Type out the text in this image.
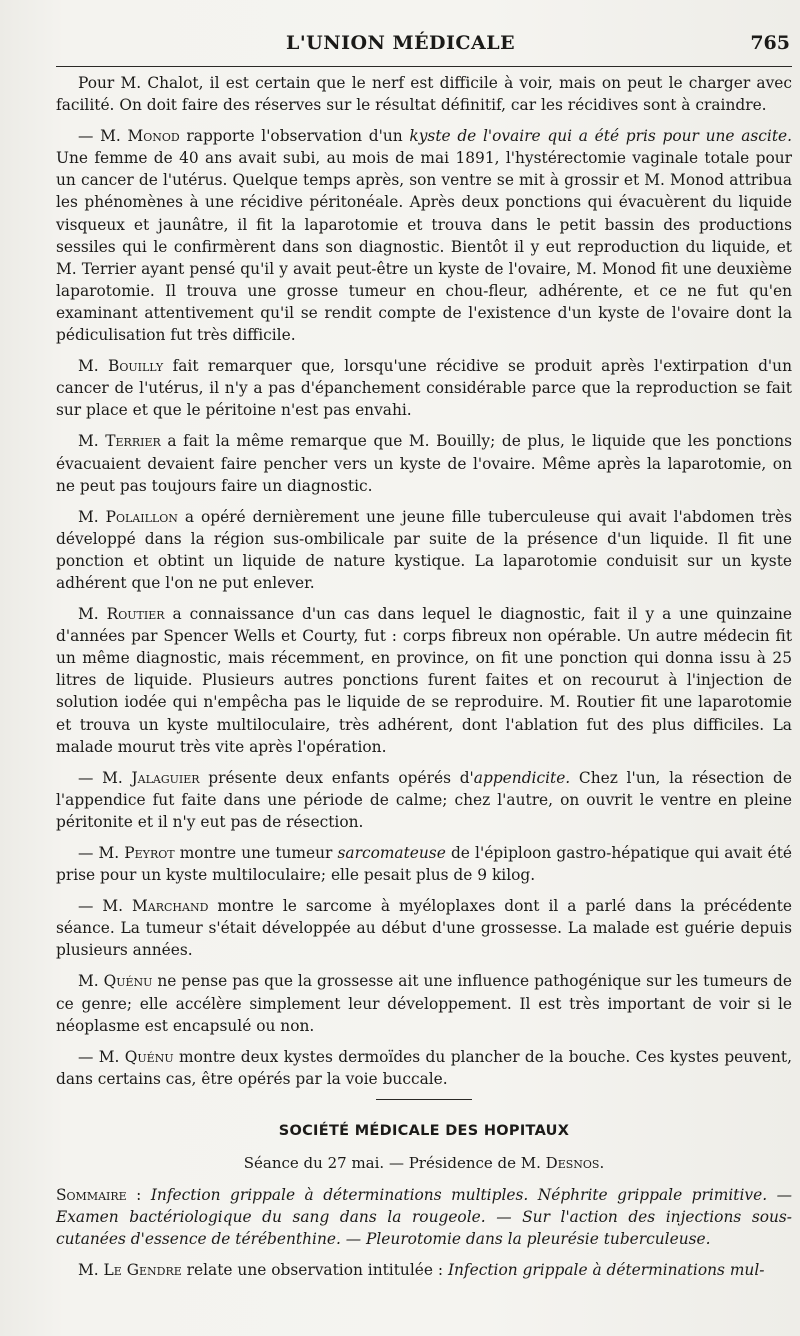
L'UNION MÉDICALE	765

Pour M. Chalot, il est certain que le nerf est difficile à voir, mais on peut le charger avec facilité. On doit faire des réserves sur le résultat définitif, car les récidives sont à craindre.

— M. Monod rapporte l'observation d'un kyste de l'ovaire qui a été pris pour une ascite. Une femme de 40 ans avait subi, au mois de mai 1891, l'hystérectomie vaginale totale pour un cancer de l'utérus. Quelque temps après, son ventre se mit à grossir et M. Monod attribua les phénomènes à une récidive péritonéale. Après deux ponctions qui évacuèrent du liquide visqueux et jaunâtre, il fit la laparotomie et trouva dans le petit bassin des productions sessiles qui le confirmèrent dans son diagnostic. Bientôt il y eut reproduction du liquide, et M. Terrier ayant pensé qu'il y avait peut-être un kyste de l'ovaire, M. Monod fit une deuxième laparotomie. Il trouva une grosse tumeur en chou-fleur, adhérente, et ce ne fut qu'en examinant attentivement qu'il se rendit compte de l'existence d'un kyste de l'ovaire dont la pédiculisation fut très difficile.

M. Bouilly fait remarquer que, lorsqu'une récidive se produit après l'extirpation d'un cancer de l'utérus, il n'y a pas d'épanchement considérable parce que la reproduction se fait sur place et que le péritoine n'est pas envahi.

M. Terrier a fait la même remarque que M. Bouilly; de plus, le liquide que les ponctions évacuaient devaient faire pencher vers un kyste de l'ovaire. Même après la laparotomie, on ne peut pas toujours faire un diagnostic.

M. Polaillon a opéré dernièrement une jeune fille tuberculeuse qui avait l'abdomen très développé dans la région sus-ombilicale par suite de la présence d'un liquide. Il fit une ponction et obtint un liquide de nature kystique. La laparotomie conduisit sur un kyste adhérent que l'on ne put enlever.

M. Routier a connaissance d'un cas dans lequel le diagnostic, fait il y a une quinzaine d'années par Spencer Wells et Courty, fut : corps fibreux non opérable. Un autre médecin fit un même diagnostic, mais récemment, en province, on fit une ponction qui donna issu à 25 litres de liquide. Plusieurs autres ponctions furent faites et on recourut à l'injection de solution iodée qui n'empêcha pas le liquide de se reproduire. M. Routier fit une laparotomie et trouva un kyste multiloculaire, très adhérent, dont l'ablation fut des plus difficiles. La malade mourut très vite après l'opération.

— M. Jalaguier présente deux enfants opérés d'appendicite. Chez l'un, la résection de l'appendice fut faite dans une période de calme; chez l'autre, on ouvrit le ventre en pleine péritonite et il n'y eut pas de résection.

— M. Peyrot montre une tumeur sarcomateuse de l'épiploon gastro-hépatique qui avait été prise pour un kyste multiloculaire; elle pesait plus de 9 kilog.

— M. Marchand montre le sarcome à myéloplaxes dont il a parlé dans la précédente séance. La tumeur s'était développée au début d'une grossesse. La malade est guérie depuis plusieurs années.

M. Quénu ne pense pas que la grossesse ait une influence pathogénique sur les tumeurs de ce genre; elle accélère simplement leur développement. Il est très important de voir si le néoplasme est encapsulé ou non.

— M. Quénu montre deux kystes dermoïdes du plancher de la bouche. Ces kystes peuvent, dans certains cas, être opérés par la voie buccale.

SOCIÉTÉ MÉDICALE DES HOPITAUX
Séance du 27 mai. — Présidence de M. Desnos.

Sommaire : Infection grippale à déterminations multiples. Néphrite grippale primitive. — Examen bactériologique du sang dans la rougeole. — Sur l'action des injections sous-cutanées d'essence de térébenthine. — Pleurotomie dans la pleurésie tuberculeuse.

M. Le Gendre relate une observation intitulée : Infection grippale à déterminations mul-
